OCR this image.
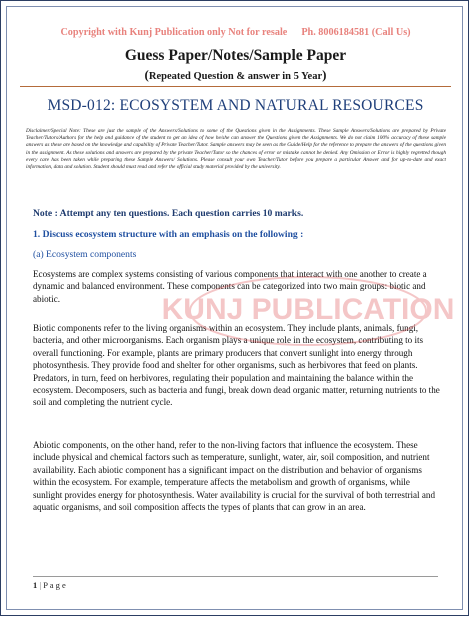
Copyright with Kunj Publication only Not for resale Ph. 8006184581 (Call Us)
Guess Paper/Notes/Sample Paper
(Repeated Question & answer in 5 Year)
MSD-012: ECOSYSTEM AND NATURAL RESOURCES
Disclaimer/Special Note: These are just the sample of the Answers/Solutions to some of the Questions given in the Assignments. These Sample Answers/Solutions are prepared by Private Teacher/Tutors/Authors for the help and guidance of the student to get an idea of how he/she can answer the Questions given the Assignments. We do not claim 100% accuracy of these sample answers as these are based on the knowledge and capability of Private Teacher/Tutor. Sample answers may be seen as the Guide/Help for the reference to prepare the answers of the questions given in the assignment. As these solutions and answers are prepared by the private Teacher/Tutor so the chances of error or mistake cannot be denied. Any Omission or Error is highly regretted though every care has been taken while preparing these Sample Answers/ Solutions. Please consult your own Teacher/Tutor before you prepare a particular Answer and for up-to-date and exact information, data and solution. Student should must read and refer the official study material provided by the university.
Note : Attempt any ten questions. Each question carries 10 marks.
1. Discuss ecosystem structure with an emphasis on the following :
(a) Ecosystem components
Ecosystems are complex systems consisting of various components that interact with one another to create a dynamic and balanced environment. These components can be categorized into two main groups: biotic and abiotic.
Biotic components refer to the living organisms within an ecosystem. They include plants, animals, fungi, bacteria, and other microorganisms. Each organism plays a unique role in the ecosystem, contributing to its overall functioning. For example, plants are primary producers that convert sunlight into energy through photosynthesis. They provide food and shelter for other organisms, such as herbivores that feed on plants. Predators, in turn, feed on herbivores, regulating their population and maintaining the balance within the ecosystem. Decomposers, such as bacteria and fungi, break down dead organic matter, returning nutrients to the soil and completing the nutrient cycle.
Abiotic components, on the other hand, refer to the non-living factors that influence the ecosystem. These include physical and chemical factors such as temperature, sunlight, water, air, soil composition, and nutrient availability. Each abiotic component has a significant impact on the distribution and behavior of organisms within the ecosystem. For example, temperature affects the metabolism and growth of organisms, while sunlight provides energy for photosynthesis. Water availability is crucial for the survival of both terrestrial and aquatic organisms, and soil composition affects the types of plants that can grow in an area.
KUNJ PUBLICATION
1 | P a g e
